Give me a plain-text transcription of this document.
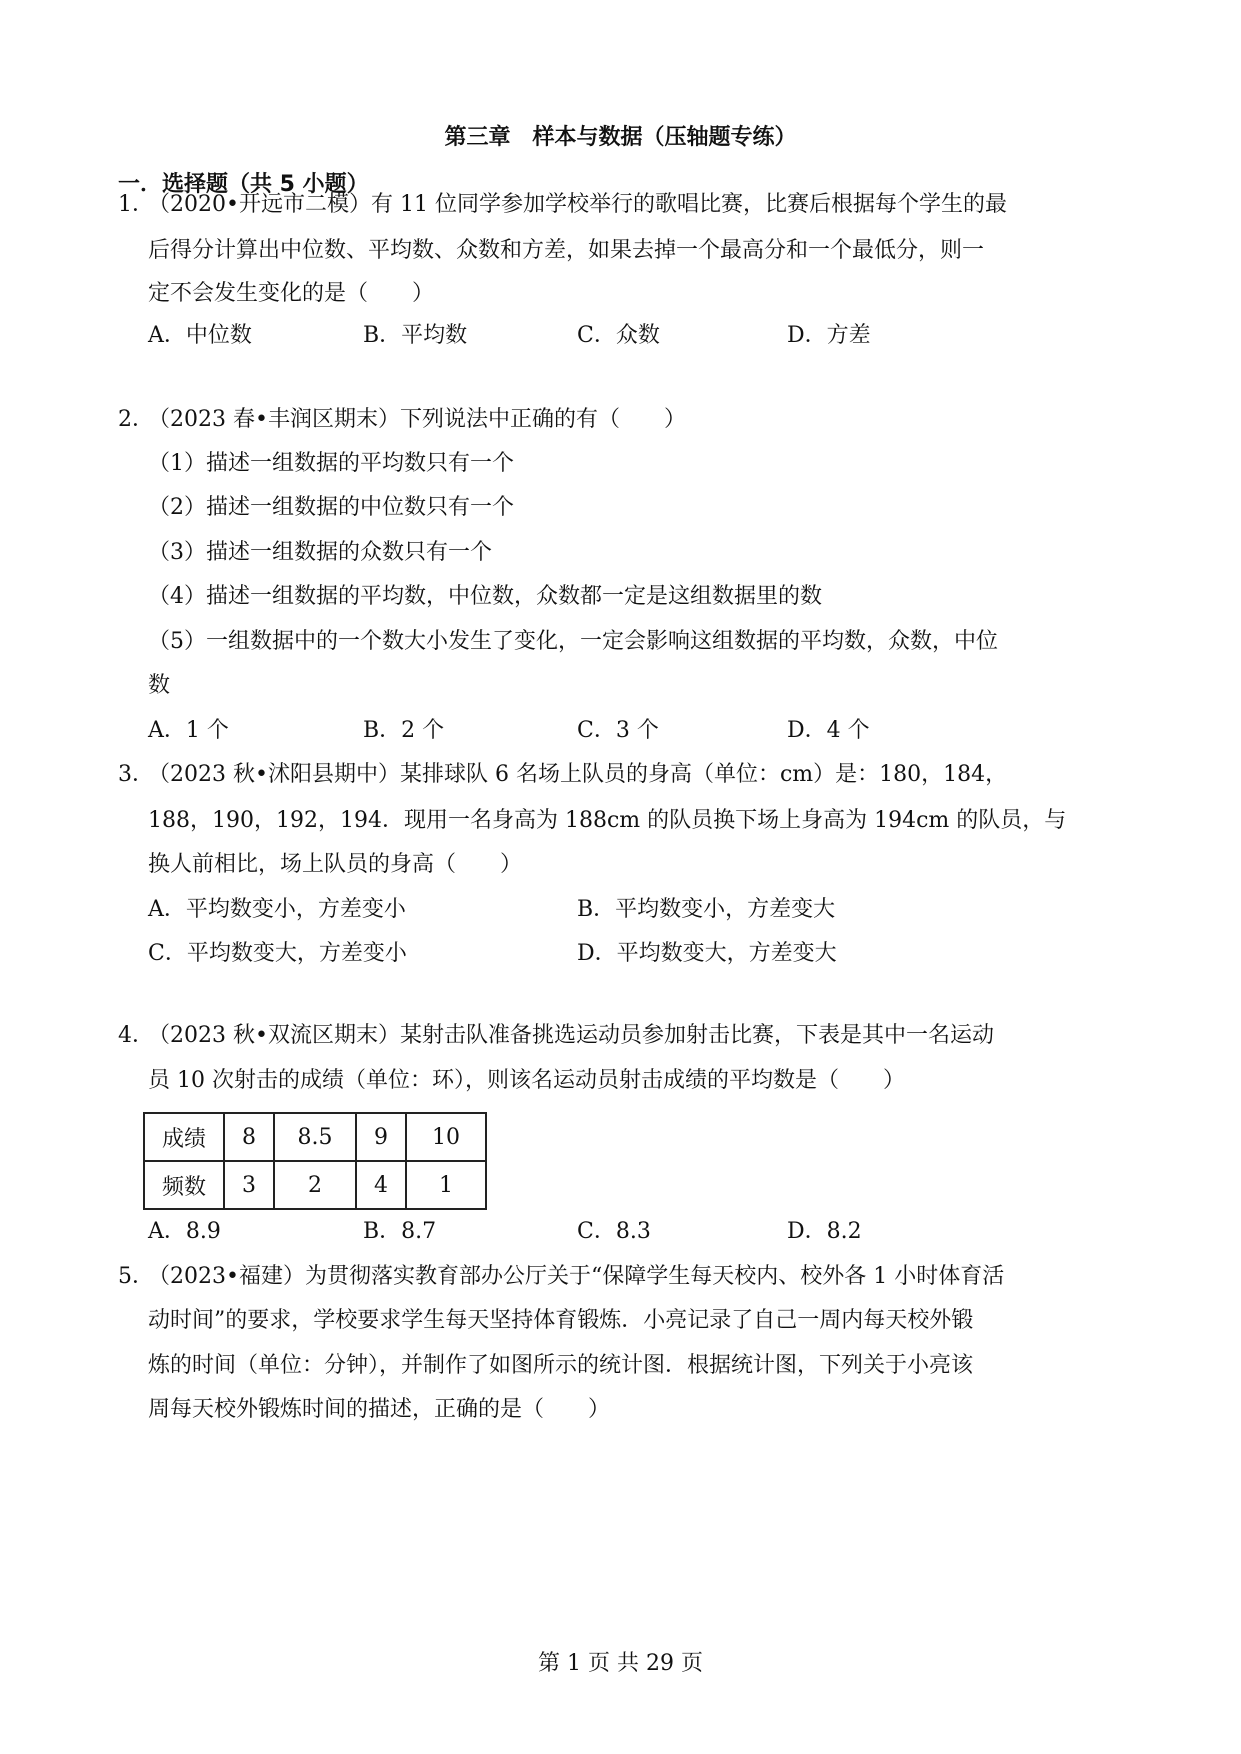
第三章　样本与数据（压轴题专练）
一．选择题（共 5 小题）
1．
（2020•开远市二模）有 11 位同学参加学校举行的歌唱比赛，比赛后根据每个学生的最
后得分计算出中位数、平均数、众数和方差，如果去掉一个最高分和一个最低分，则一
定不会发生变化的是（　　）
A．中位数	B．平均数	C．众数	D．方差
2．
（2023 春•丰润区期末）下列说法中正确的有（　　）
（1）描述一组数据的平均数只有一个
（2）描述一组数据的中位数只有一个
（3）描述一组数据的众数只有一个
（4）描述一组数据的平均数，中位数，众数都一定是这组数据里的数
（5）一组数据中的一个数大小发生了变化，一定会影响这组数据的平均数，众数，中位
数
A．1 个	B．2 个	C．3 个	D．4 个
3．
（2023 秋•沭阳县期中）某排球队 6 名场上队员的身高（单位：cm）是：180，184，
188，190，192，194．现用一名身高为 188cm 的队员换下场上身高为 194cm 的队员，与
换人前相比，场上队员的身高（　　）
A．平均数变小，方差变小	B．平均数变小，方差变大
C．平均数变大，方差变小	D．平均数变大，方差变大
4．
（2023 秋•双流区期末）某射击队准备挑选运动员参加射击比赛，下表是其中一名运动
员 10 次射击的成绩（单位：环），则该名运动员射击成绩的平均数是（　　）
成绩	8	8.5	9	10
频数	3	2	4	1
A．8.9	B．8.7	C．8.3	D．8.2
5．
（2023•福建）为贯彻落实教育部办公厅关于“保障学生每天校内、校外各 1 小时体育活
动时间”的要求，学校要求学生每天坚持体育锻炼．小亮记录了自己一周内每天校外锻
炼的时间（单位：分钟），并制作了如图所示的统计图．根据统计图，下列关于小亮该
周每天校外锻炼时间的描述，正确的是（　　）
第 1 页 共 29 页
